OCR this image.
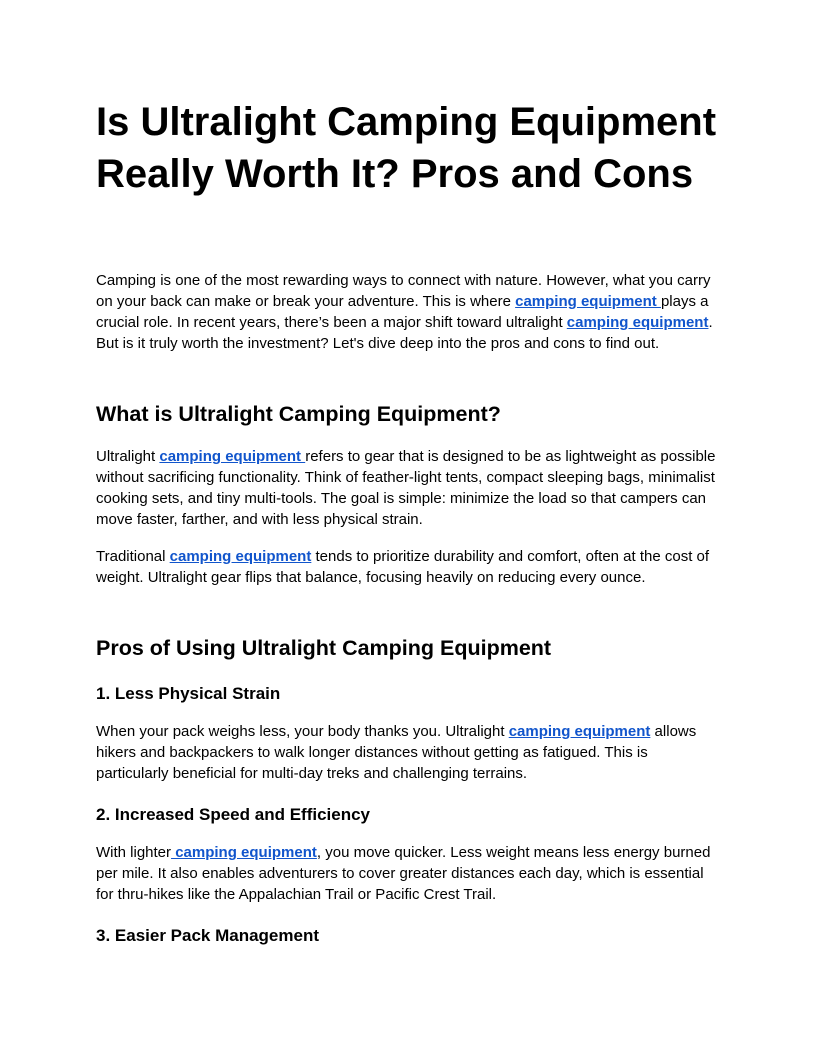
Is Ultralight Camping Equipment Really Worth It? Pros and Cons

Camping is one of the most rewarding ways to connect with nature. However, what you carry on your back can make or break your adventure. This is where camping equipment plays a crucial role. In recent years, there’s been a major shift toward ultralight camping equipment. But is it truly worth the investment? Let's dive deep into the pros and cons to find out.

What is Ultralight Camping Equipment?

Ultralight camping equipment refers to gear that is designed to be as lightweight as possible without sacrificing functionality. Think of feather-light tents, compact sleeping bags, minimalist cooking sets, and tiny multi-tools. The goal is simple: minimize the load so that campers can move faster, farther, and with less physical strain.

Traditional camping equipment tends to prioritize durability and comfort, often at the cost of weight. Ultralight gear flips that balance, focusing heavily on reducing every ounce.

Pros of Using Ultralight Camping Equipment
1. Less Physical Strain

When your pack weighs less, your body thanks you. Ultralight camping equipment allows hikers and backpackers to walk longer distances without getting as fatigued. This is particularly beneficial for multi-day treks and challenging terrains.

2. Increased Speed and Efficiency

With lighter camping equipment, you move quicker. Less weight means less energy burned per mile. It also enables adventurers to cover greater distances each day, which is essential for thru-hikes like the Appalachian Trail or Pacific Crest Trail.

3. Easier Pack Management
